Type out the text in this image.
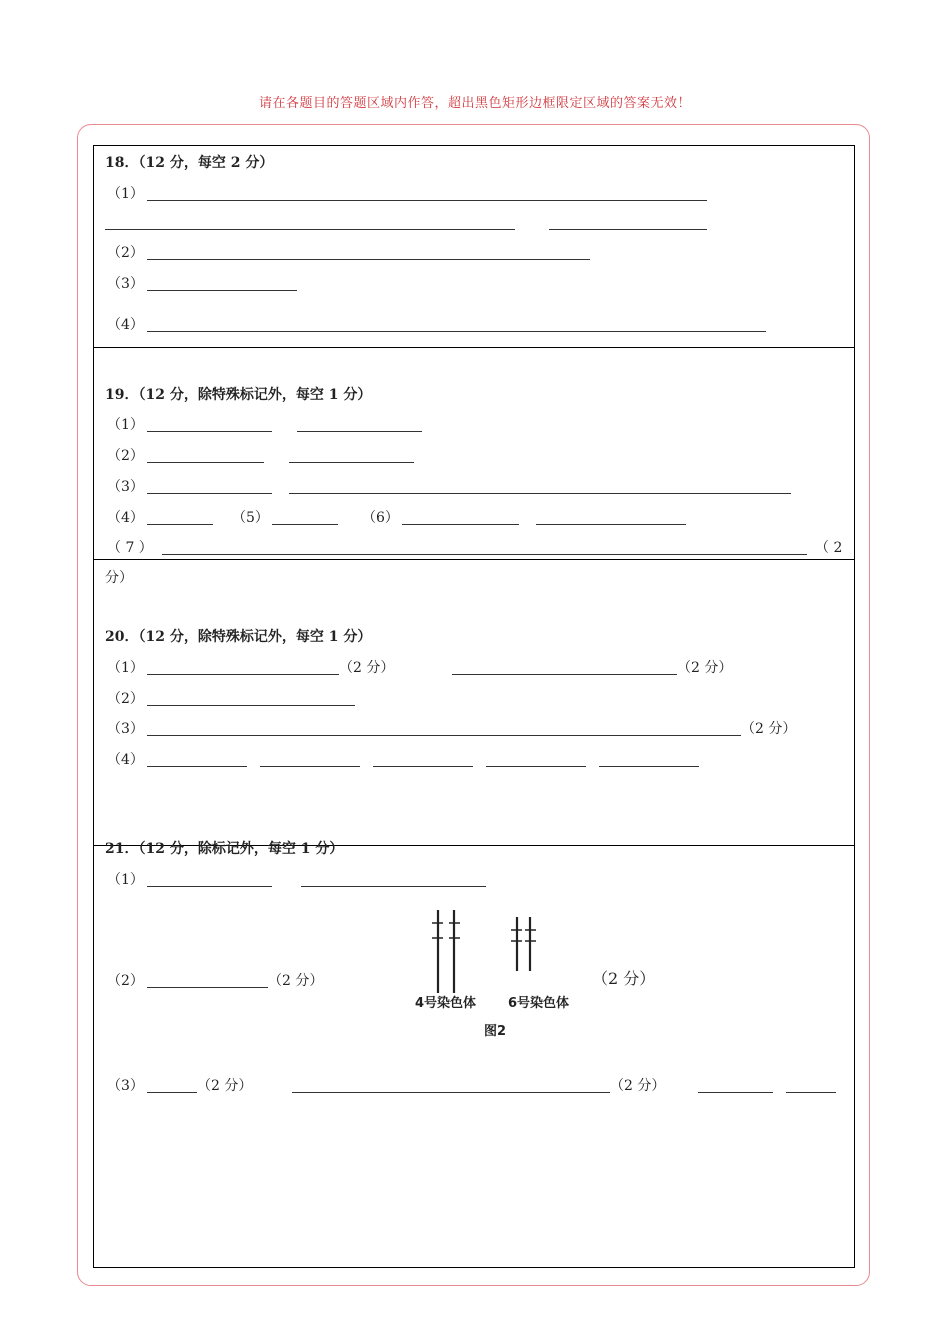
请在各题目的答题区域内作答，超出黑色矩形边框限定区域的答案无效！
18．（12 分，每空 2 分）
（1）
（2）
（3）
（4）
19．（12 分，除特殊标记外，每空 1 分）
（1）
（2）
（3）
（4）	（5）	（6）
（ 7 ）	（ 2
分）
20．（12 分，除特殊标记外，每空 1 分）
（1）	（2 分）	（2 分）
（2）
（3）	（2 分）
（4）
21．（12 分，除标记外，每空 1 分）
（1）
（2）	（2 分）
4号染色体 6号染色体
图2
（2 分）
（3）	（2 分）	（2 分）
